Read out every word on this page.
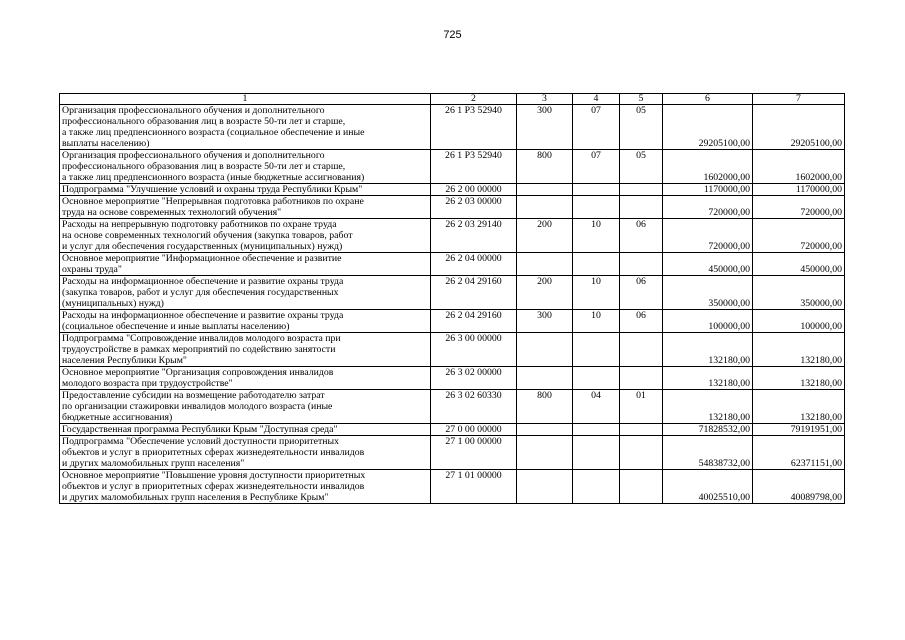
725
1	2	3	4	5	6	7
Организация профессионального обучения и дополнительного
профессионального образования лиц в возрасте 50-ти лет и старше,
а также лиц предпенсионного возраста (социальное обеспечение и иные
выплаты населению)	26 1 P3 52940	300	07	05	29205100,00	29205100,00
Организация профессионального обучения и дополнительного
профессионального образования лиц в возрасте 50-ти лет и старше,
а также лиц предпенсионного возраста (иные бюджетные ассигнования)	26 1 P3 52940	800	07	05	1602000,00	1602000,00
Подпрограмма "Улучшение условий и охраны труда Республики Крым"	26 2 00 00000				1170000,00	1170000,00
Основное мероприятие "Непрерывная подготовка работников по охране
труда на основе современных технологий обучения"	26 2 03 00000				720000,00	720000,00
Расходы на непрерывную подготовку работников по охране труда
на основе современных технологий обучения (закупка товаров, работ
и услуг для обеспечения государственных (муниципальных) нужд)	26 2 03 29140	200	10	06	720000,00	720000,00
Основное мероприятие "Информационное обеспечение и развитие
охраны труда"	26 2 04 00000				450000,00	450000,00
Расходы на информационное обеспечение и развитие охраны труда
(закупка товаров, работ и услуг для обеспечения государственных
(муниципальных) нужд)	26 2 04 29160	200	10	06	350000,00	350000,00
Расходы на информационное обеспечение и развитие охраны труда
(социальное обеспечение и иные выплаты населению)	26 2 04 29160	300	10	06	100000,00	100000,00
Подпрограмма "Сопровождение инвалидов молодого возраста при
трудоустройстве в рамках мероприятий по содействию занятости
населения Республики Крым"	26 3 00 00000				132180,00	132180,00
Основное мероприятие "Организация сопровождения инвалидов
молодого возраста при трудоустройстве"	26 3 02 00000				132180,00	132180,00
Предоставление субсидии на возмещение работодателю затрат
по организации стажировки инвалидов молодого возраста (иные
бюджетные ассигнования)	26 3 02 60330	800	04	01	132180,00	132180,00
Государственная программа Республики Крым "Доступная среда"	27 0 00 00000				71828532,00	79191951,00
Подпрограмма "Обеспечение условий доступности приоритетных
объектов и услуг в приоритетных сферах жизнедеятельности инвалидов
и других маломобильных групп населения"	27 1 00 00000				54838732,00	62371151,00
Основное мероприятие "Повышение уровня доступности приоритетных
объектов и услуг в приоритетных сферах жизнедеятельности инвалидов
и других маломобильных групп населения в Республике Крым"	27 1 01 00000				40025510,00	40089798,00
